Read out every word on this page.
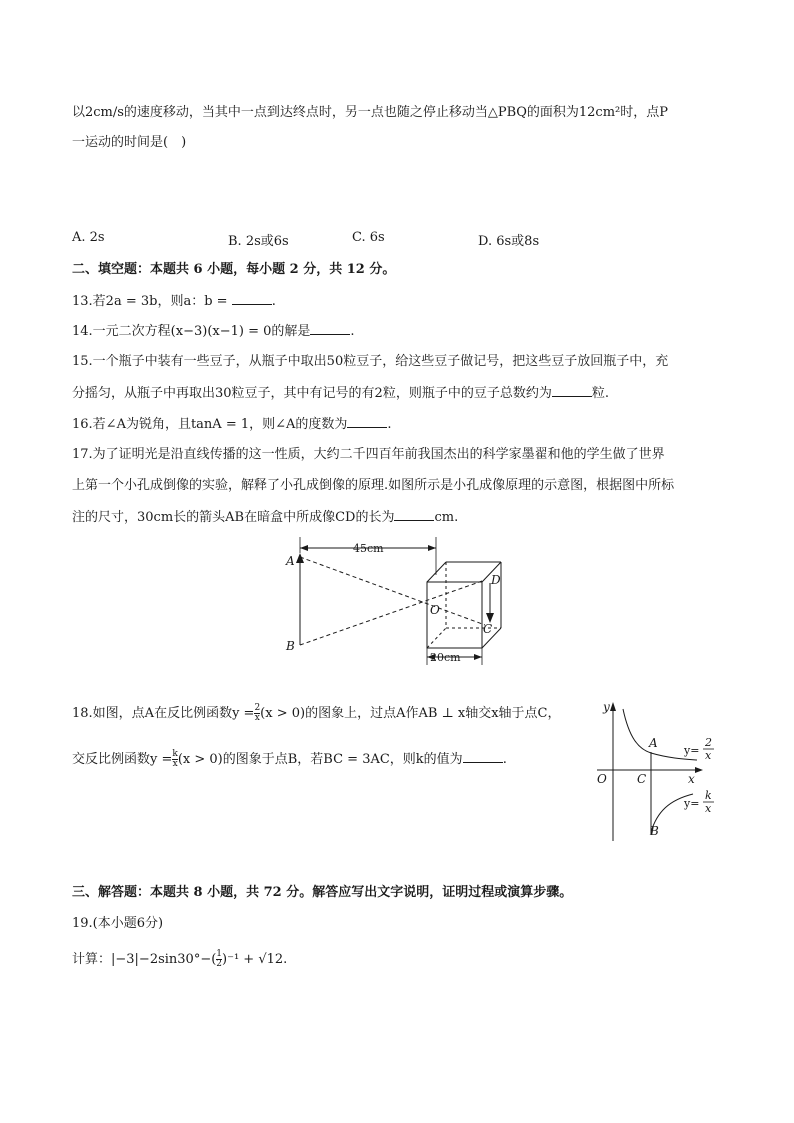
以2cm/s的速度移动，当其中一点到达终点时，另一点也随之停止移动当△PBQ的面积为12cm²时，点P
一运动的时间是(　)
A. 2s	B. 2s或6s	C. 6s	D. 6s或8s
二、填空题：本题共 6 小题，每小题 2 分，共 12 分。
13.若2a = 3b，则a：b =	.
14.一元二次方程(x−3)(x−1) = 0的解是	.
15.一个瓶子中装有一些豆子，从瓶子中取出50粒豆子，给这些豆子做记号，把这些豆子放回瓶子中，充
分摇匀，从瓶子中再取出30粒豆子，其中有记号的有2粒，则瓶子中的豆子总数约为	粒.
16.若∠A为锐角，且tanA = 1，则∠A的度数为	.
17.为了证明光是沿直线传播的这一性质，大约二千四百年前我国杰出的科学家墨翟和他的学生做了世界
上第一个小孔成倒像的实验，解释了小孔成倒像的原理.如图所示是小孔成像原理的示意图，根据图中所标
注的尺寸，30cm长的箭头AB在暗盒中所成像CD的长为	cm.
A
B
O
C
D
45cm
20cm
18.如图，点A在反比例函数$y = \frac{2}{x} (x > 0)$的图象上，过点A作AB ⊥ x轴交x轴于点C，
交反比例函数$y = \frac{k}{x} (x > 0)$的图象于点B，若BC = 3AC，则k的值为	.
y
x
O
A
C
B
y=
2
x
y=
k
x
三、解答题：本题共 8 小题，共 72 分。解答应写出文字说明，证明过程或演算步骤。
19.(本小题6分)
计算：$|-3|-2\sin 30^\circ-( \frac{1}{2} )^{-1} + √12$.
